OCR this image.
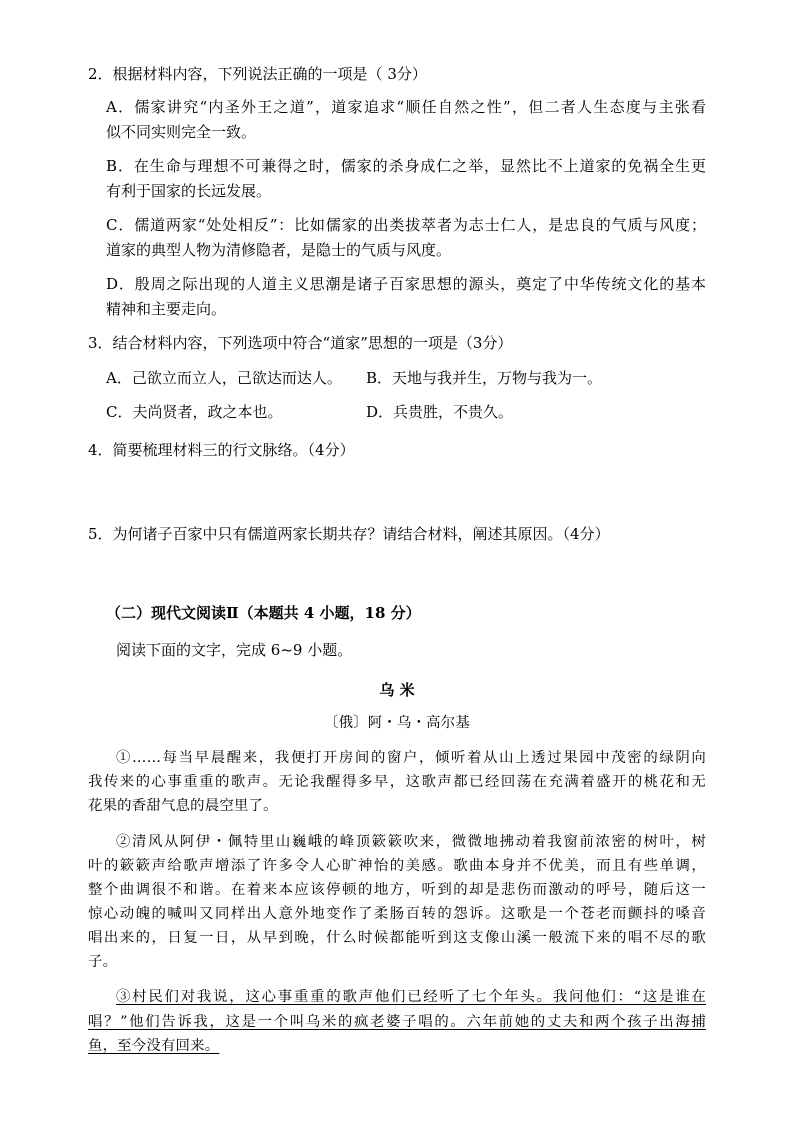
2．根据材料内容，下列说法正确的一项是（ 3分）
A．儒家讲究“内圣外王之道”，道家追求“顺任自然之性”，但二者人生态度与主张看
似不同实则完全一致。
B．在生命与理想不可兼得之时，儒家的杀身成仁之举，显然比不上道家的免祸全生更
有利于国家的长远发展。
C．儒道两家“处处相反”：比如儒家的出类拔萃者为志士仁人，是忠良的气质与风度；
道家的典型人物为清修隐者，是隐士的气质与风度。
D．殷周之际出现的人道主义思潮是诸子百家思想的源头，奠定了中华传统文化的基本
精神和主要走向。
3．结合材料内容，下列选项中符合“道家”思想的一项是（3分）
A．己欲立而立人，己欲达而达人。 B．天地与我并生，万物与我为一。
C．夫尚贤者，政之本也。	D．兵贵胜，不贵久。
4．简要梳理材料三的行文脉络。（4分）
5．为何诸子百家中只有儒道两家长期共存？请结合材料，阐述其原因。（4分）
（二）现代文阅读Ⅱ（本题共 4 小题，18 分）
阅读下面的文字，完成 6~9 小题。
乌 米
〔俄〕阿・乌・高尔基
①……每当早晨醒来，我便打开房间的窗户，倾听着从山上透过果园中茂密的绿阴向
我传来的心事重重的歌声。无论我醒得多早，这歌声都已经回荡在充满着盛开的桃花和无
花果的香甜气息的晨空里了。
②清风从阿伊・佩特里山巍峨的峰顶簌簌吹来，微微地拂动着我窗前浓密的树叶，树
叶的簌簌声给歌声增添了许多令人心旷神怡的美感。歌曲本身并不优美，而且有些单调，
整个曲调很不和谐。在着来本应该停顿的地方，听到的却是悲伤而激动的呼号，随后这一
惊心动魄的喊叫又同样出人意外地变作了柔肠百转的怨诉。这歌是一个苍老而颤抖的嗓音
唱出来的，日复一日，从早到晚，什么时候都能听到这支像山溪一般流下来的唱不尽的歌
子。
③村民们对我说，这心事重重的歌声他们已经听了七个年头。我问他们：“这是谁在
唱？”他们告诉我，这是一个叫乌米的疯老婆子唱的。六年前她的丈夫和两个孩子出海捕
鱼，至今没有回来。
